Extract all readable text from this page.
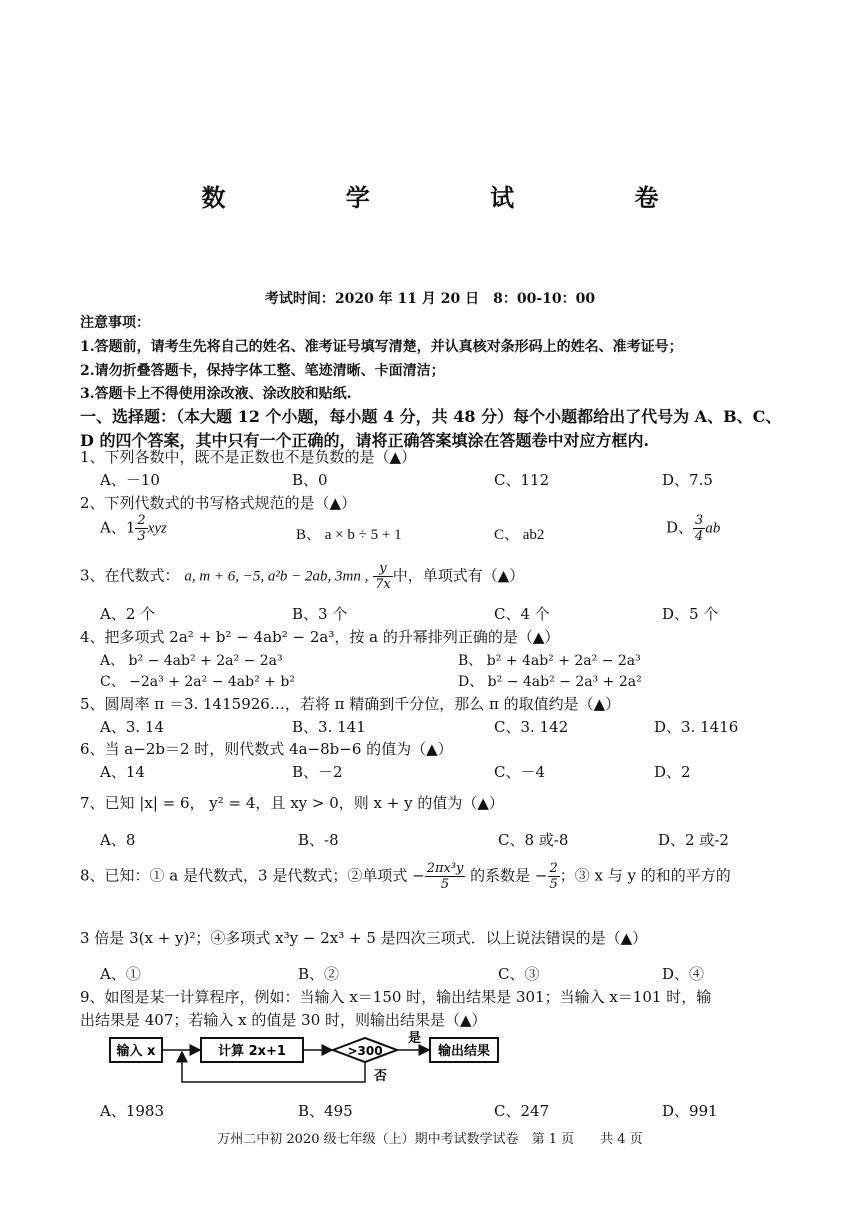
数 学 试 卷
考试时间：2020 年 11 月 20 日　8：00-10：00
注意事项：
1.答题前，请考生先将自己的姓名、准考证号填写清楚，并认真核对条形码上的姓名、准考证号；
2.请勿折叠答题卡，保持字体工整、笔迹清晰、卡面清洁；
3.答题卡上不得使用涂改液、涂改胶和贴纸.
一、选择题：（本大题 12 个小题，每小题 4 分，共 48 分）每个小题都给出了代号为 A、B、C、
D 的四个答案，其中只有一个正确的，请将正确答案填涂在答题卷中对应方框内.
1、下列各数中，既不是正数也不是负数的是（▲）
A、－10	B、0	C、112	D、7.5
2、下列代数式的书写格式规范的是（▲）
A、$1 \frac{2}{3}$ xyz	B、 a × b ÷ 5 + 1	C、 ab2	D、 $\frac{3}{4}$ ab
3、在代数式： a, m + 6, −5, a²b − 2ab, 3mn , $\frac{y}{7x}$ 中，单项式有（▲）
A、2 个	B、3 个	C、4 个	D、5 个
4、把多项式 2a² + b² − 4ab² − 2a³，按 a 的升幂排列正确的是（▲）
A、 b² − 4ab² + 2a² − 2a³	B、 b² + 4ab² + 2a² − 2a³
C、 −2a³ + 2a² − 4ab² + b²	D、 b² − 4ab² − 2a³ + 2a²
5、圆周率 π ＝3. 1415926…，若将 π 精确到千分位，那么 π 的取值约是（▲）
A、3. 14	B、3. 141	C、3. 142	D、3. 1416
6、当 a−2b＝2 时，则代数式 4a−8b−6 的值为（▲）
A、14	B、－2	C、－4	D、2
7、已知 |x| = 6， y² = 4，且 xy > 0，则 x + y 的值为（▲）
A、8	B、-8	C、8 或-8	D、2 或-2
8、已知：① a 是代数式，3 是代数式；②单项式 − $\frac{\text{2πx³y}}{5}$ 的系数是 − $\frac{2}{5}$ ；③ x 与 y 的和的平方的
3 倍是 3(x + y)²；④多项式 x³y − 2x³ + 5 是四次三项式．以上说法错误的是（▲）
A、①	B、②	C、③	D、④
9、如图是某一计算程序，例如：当输入 x＝150 时，输出结果是 301；当输入 x＝101 时，输
出结果是 407；若输入 x 的值是 30 时，则输出结果是（▲）
输入 x	计算 2x+1	>300
是
输出结果
否
A、1983	B、495	C、247	D、991
万州二中初 2020 级七年级（上）期中考试数学试卷　第 1 页　　共 4 页
